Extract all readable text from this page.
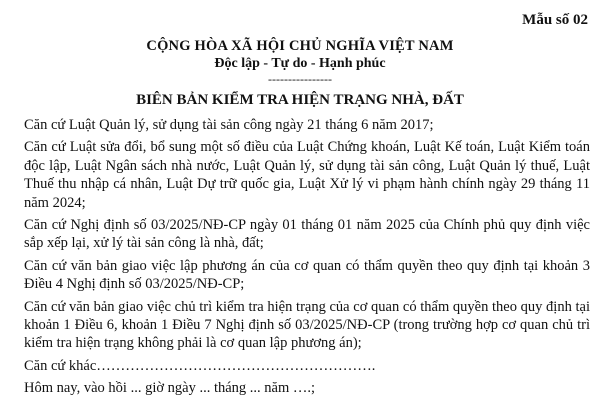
Mẫu số 02
CỘNG HÒA XÃ HỘI CHỦ NGHĨA VIỆT NAM
Độc lập - Tự do - Hạnh phúc
----------------
BIÊN BẢN KIỂM TRA HIỆN TRẠNG NHÀ, ĐẤT

Căn cứ Luật Quản lý, sử dụng tài sản công ngày 21 tháng 6 năm 2017;

Căn cứ Luật sửa đổi, bổ sung một số điều của Luật Chứng khoán, Luật Kế toán, Luật Kiểm toán độc lập, Luật Ngân sách nhà nước, Luật Quản lý, sử dụng tài sản công, Luật Quản lý thuế, Luật Thuế thu nhập cá nhân, Luật Dự trữ quốc gia, Luật Xử lý vi phạm hành chính ngày 29 tháng 11 năm 2024;

Căn cứ Nghị định số 03/2025/NĐ-CP ngày 01 tháng 01 năm 2025 của Chính phủ quy định việc sắp xếp lại, xử lý tài sản công là nhà, đất;

Căn cứ văn bản giao việc lập phương án của cơ quan có thẩm quyền theo quy định tại khoản 3 Điều 4 Nghị định số 03/2025/NĐ-CP;

Căn cứ văn bản giao việc chủ trì kiểm tra hiện trạng của cơ quan có thẩm quyền theo quy định tại khoản 1 Điều 6, khoản 1 Điều 7 Nghị định số 03/2025/NĐ-CP (trong trường hợp cơ quan chủ trì kiểm tra hiện trạng không phải là cơ quan lập phương án);

Căn cứ khác………………………………………………….

Hôm nay, vào hồi ... giờ ngày ... tháng ... năm ….;
